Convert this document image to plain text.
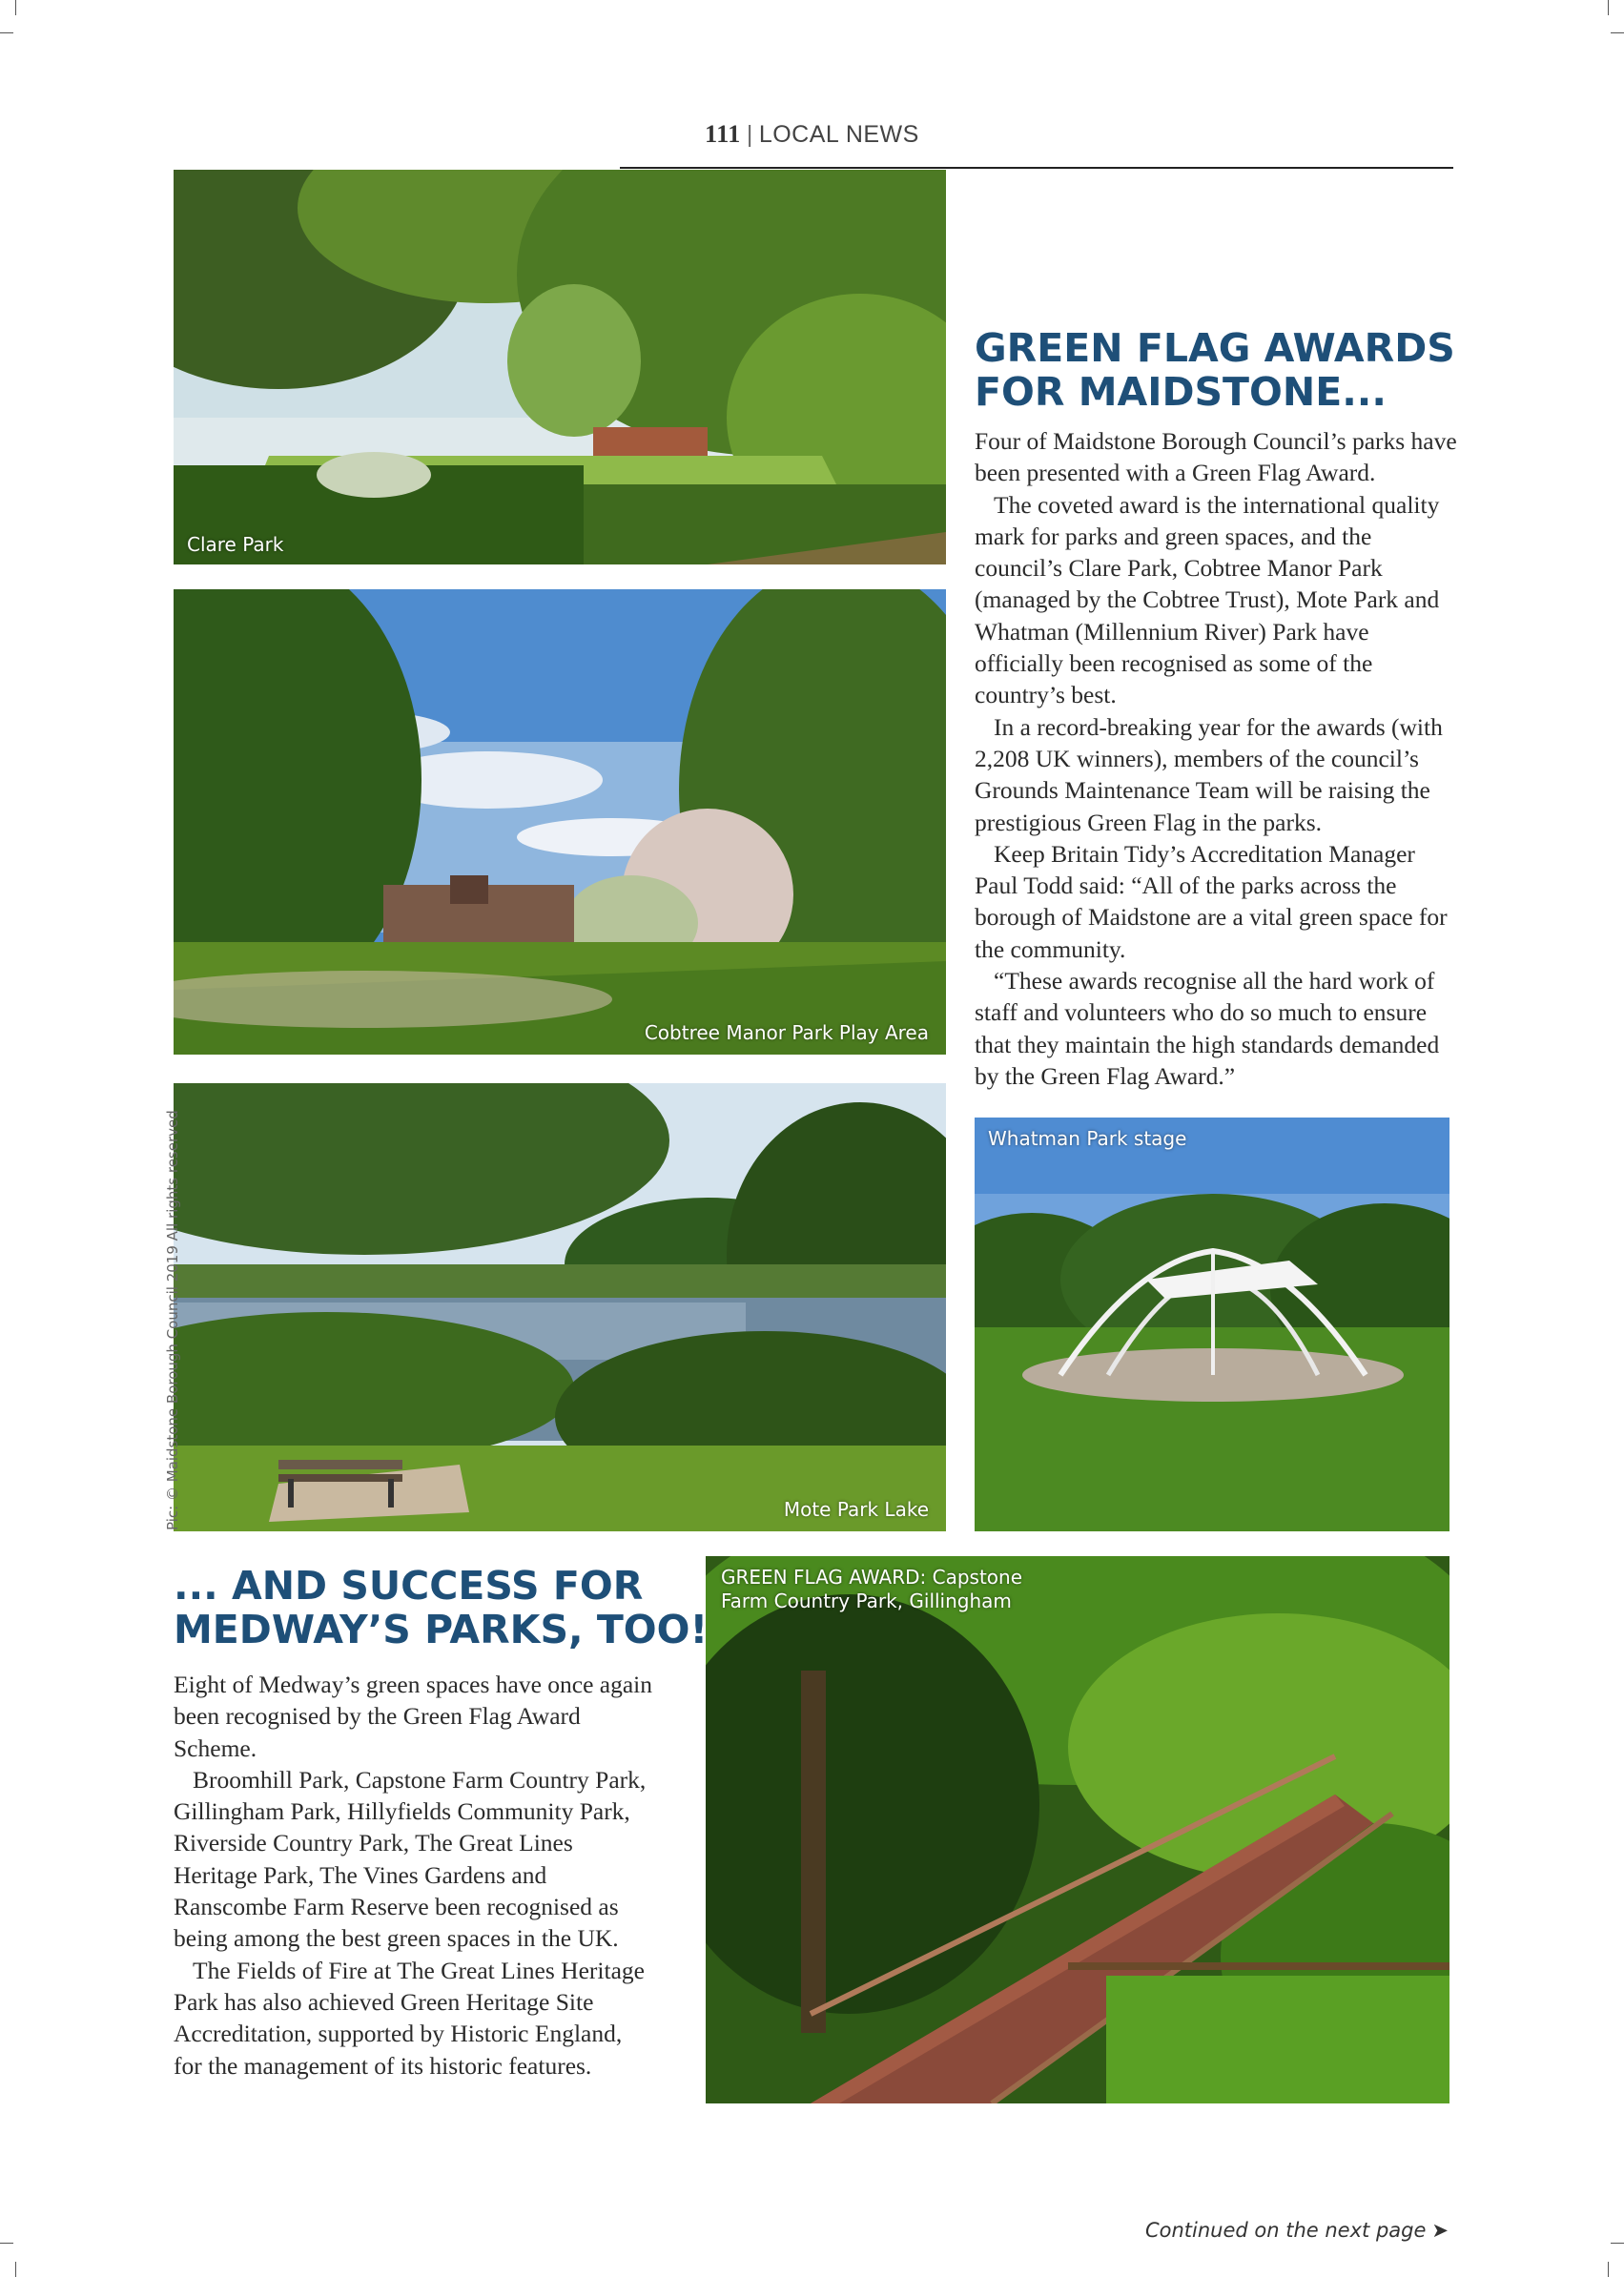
111 | LOCAL NEWS
Clare Park
Cobtree Manor Park Play Area
Mote Park Lake
Whatman Park stage
GREEN FLAG AWARD: Capstone
Farm Country Park, Gillingham
GREEN FLAG AWARDS
FOR MAIDSTONE...

Four of Maidstone Borough Council’s parks have been presented with a Green Flag Award.

The coveted award is the international quality mark for parks and green spaces, and the council’s Clare Park, Cobtree Manor Park (managed by the Cobtree Trust), Mote Park and Whatman (Millennium River) Park have officially been recognised as some of the country’s best.

In a record-breaking year for the awards (with 2,208 UK winners), members of the council’s Grounds Maintenance Team will be raising the prestigious Green Flag in the parks.

Keep Britain Tidy’s Accreditation Manager Paul Todd said: “All of the parks across the borough of Maidstone are a vital green space for the community.

“These awards recognise all the hard work of staff and volunteers who do so much to ensure that they maintain the high standards demanded by the Green Flag Award.”

... AND SUCCESS FOR
MEDWAY’S PARKS, TOO!

Eight of Medway’s green spaces have once again been recognised by the Green Flag Award Scheme.

Broomhill Park, Capstone Farm Country Park, Gillingham Park, Hillyfields Community Park, Riverside Country Park, The Great Lines Heritage Park, The Vines Gardens and Ranscombe Farm Reserve been recognised as being among the best green spaces in the UK.

The Fields of Fire at The Great Lines Heritage Park has also achieved Green Heritage Site Accreditation, supported by Historic England, for the management of its historic features.

Pic: © Maidstone Borough Council 2019 All rights reserved
Continued on the next page ➤
